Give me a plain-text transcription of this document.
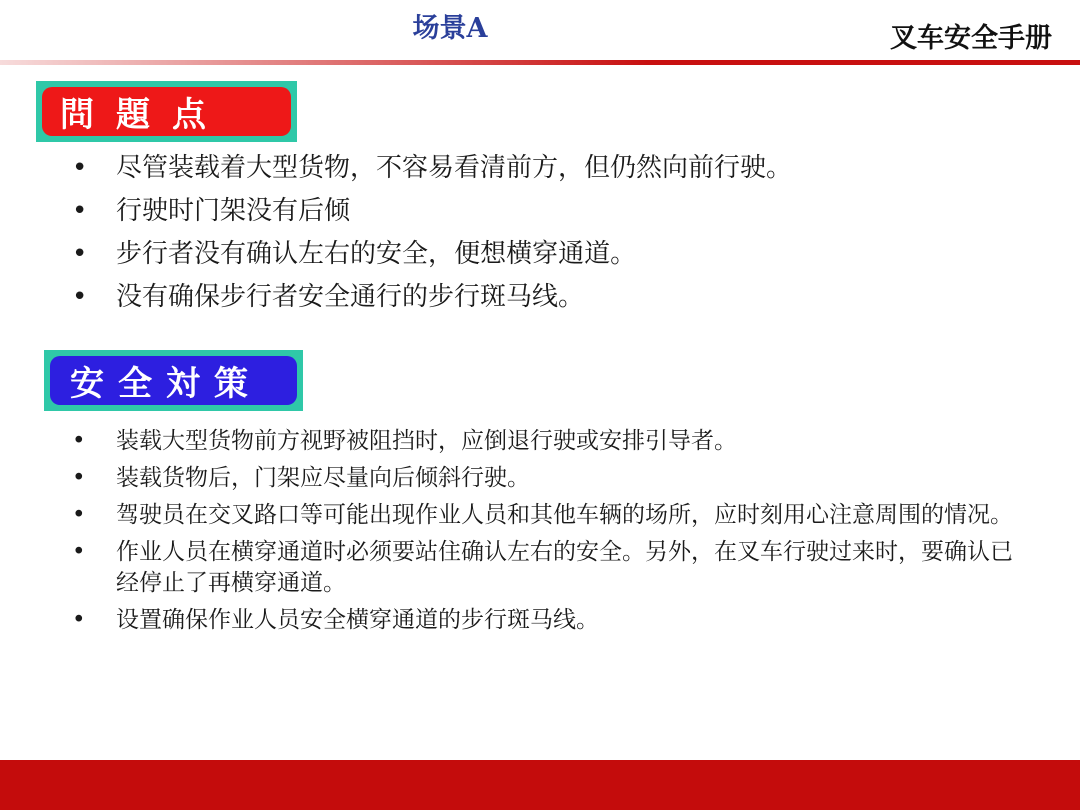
场景A	叉车安全手册
問題点
• 尽管装载着大型货物，不容易看清前方，但仍然向前行驶。
• 行驶时门架没有后倾
• 步行者没有确认左右的安全，便想横穿通道。
• 没有确保步行者安全通行的步行斑马线。
安全対策
• 装载大型货物前方视野被阻挡时，应倒退行驶或安排引导者。
• 装载货物后，门架应尽量向后倾斜行驶。
• 驾驶员在交叉路口等可能出现作业人员和其他车辆的场所，应时刻用心注意周围的情况。
• 作业人员在横穿通道时必须要站住确认左右的安全。另外，在叉车行驶过来时，要确认已经停止了再横穿通道。
• 设置确保作业人员安全横穿通道的步行斑马线。
